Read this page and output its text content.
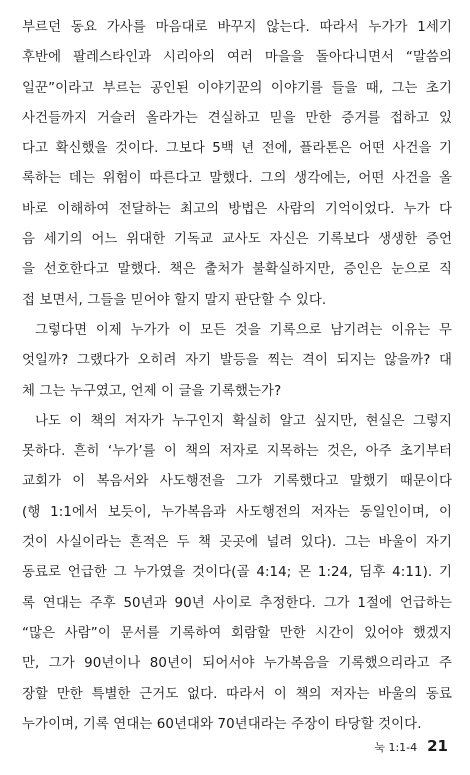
부르던 동요 가사를 마음대로 바꾸지 않는다. 따라서 누가가 1세기
후반에 팔레스타인과 시리아의 여러 마을을 돌아다니면서 “말씀의
일꾼”이라고 부르는 공인된 이야기꾼의 이야기를 들을 때, 그는 초기
사건들까지 거슬러 올라가는 견실하고 믿을 만한 증거를 접하고 있
다고 확신했을 것이다. 그보다 5백 년 전에, 플라톤은 어떤 사건을 기
록하는 데는 위험이 따른다고 말했다. 그의 생각에는, 어떤 사건을 올
바로 이해하여 전달하는 최고의 방법은 사람의 기억이었다. 누가 다
음 세기의 어느 위대한 기독교 교사도 자신은 기록보다 생생한 증언
을 선호한다고 말했다. 책은 출처가 불확실하지만, 증인은 눈으로 직
접 보면서, 그들을 믿어야 할지 말지 판단할 수 있다.
그렇다면 이제 누가가 이 모든 것을 기록으로 남기려는 이유는 무
엇일까? 그랬다가 오히려 자기 발등을 찍는 격이 되지는 않을까? 대
체 그는 누구였고, 언제 이 글을 기록했는가?
나도 이 책의 저자가 누구인지 확실히 알고 싶지만, 현실은 그렇지
못하다. 흔히 ‘누가’를 이 책의 저자로 지목하는 것은, 아주 초기부터
교회가 이 복음서와 사도행전을 그가 기록했다고 말했기 때문이다
(행 1:1에서 보듯이, 누가복음과 사도행전의 저자는 동일인이며, 이
것이 사실이라는 흔적은 두 책 곳곳에 널려 있다). 그는 바울이 자기
동료로 언급한 그 누가였을 것이다(골 4:14; 몬 1:24, 딤후 4:11). 기
록 연대는 주후 50년과 90년 사이로 추정한다. 그가 1절에 언급하는
“많은 사람”이 문서를 기록하여 회람할 만한 시간이 있어야 했겠지
만, 그가 90년이나 80년이 되어서야 누가복음을 기록했으리라고 주
장할 만한 특별한 근거도 없다. 따라서 이 책의 저자는 바울의 동료
누가이며, 기록 연대는 60년대와 70년대라는 주장이 타당할 것이다.
눅 1:1-4 21
